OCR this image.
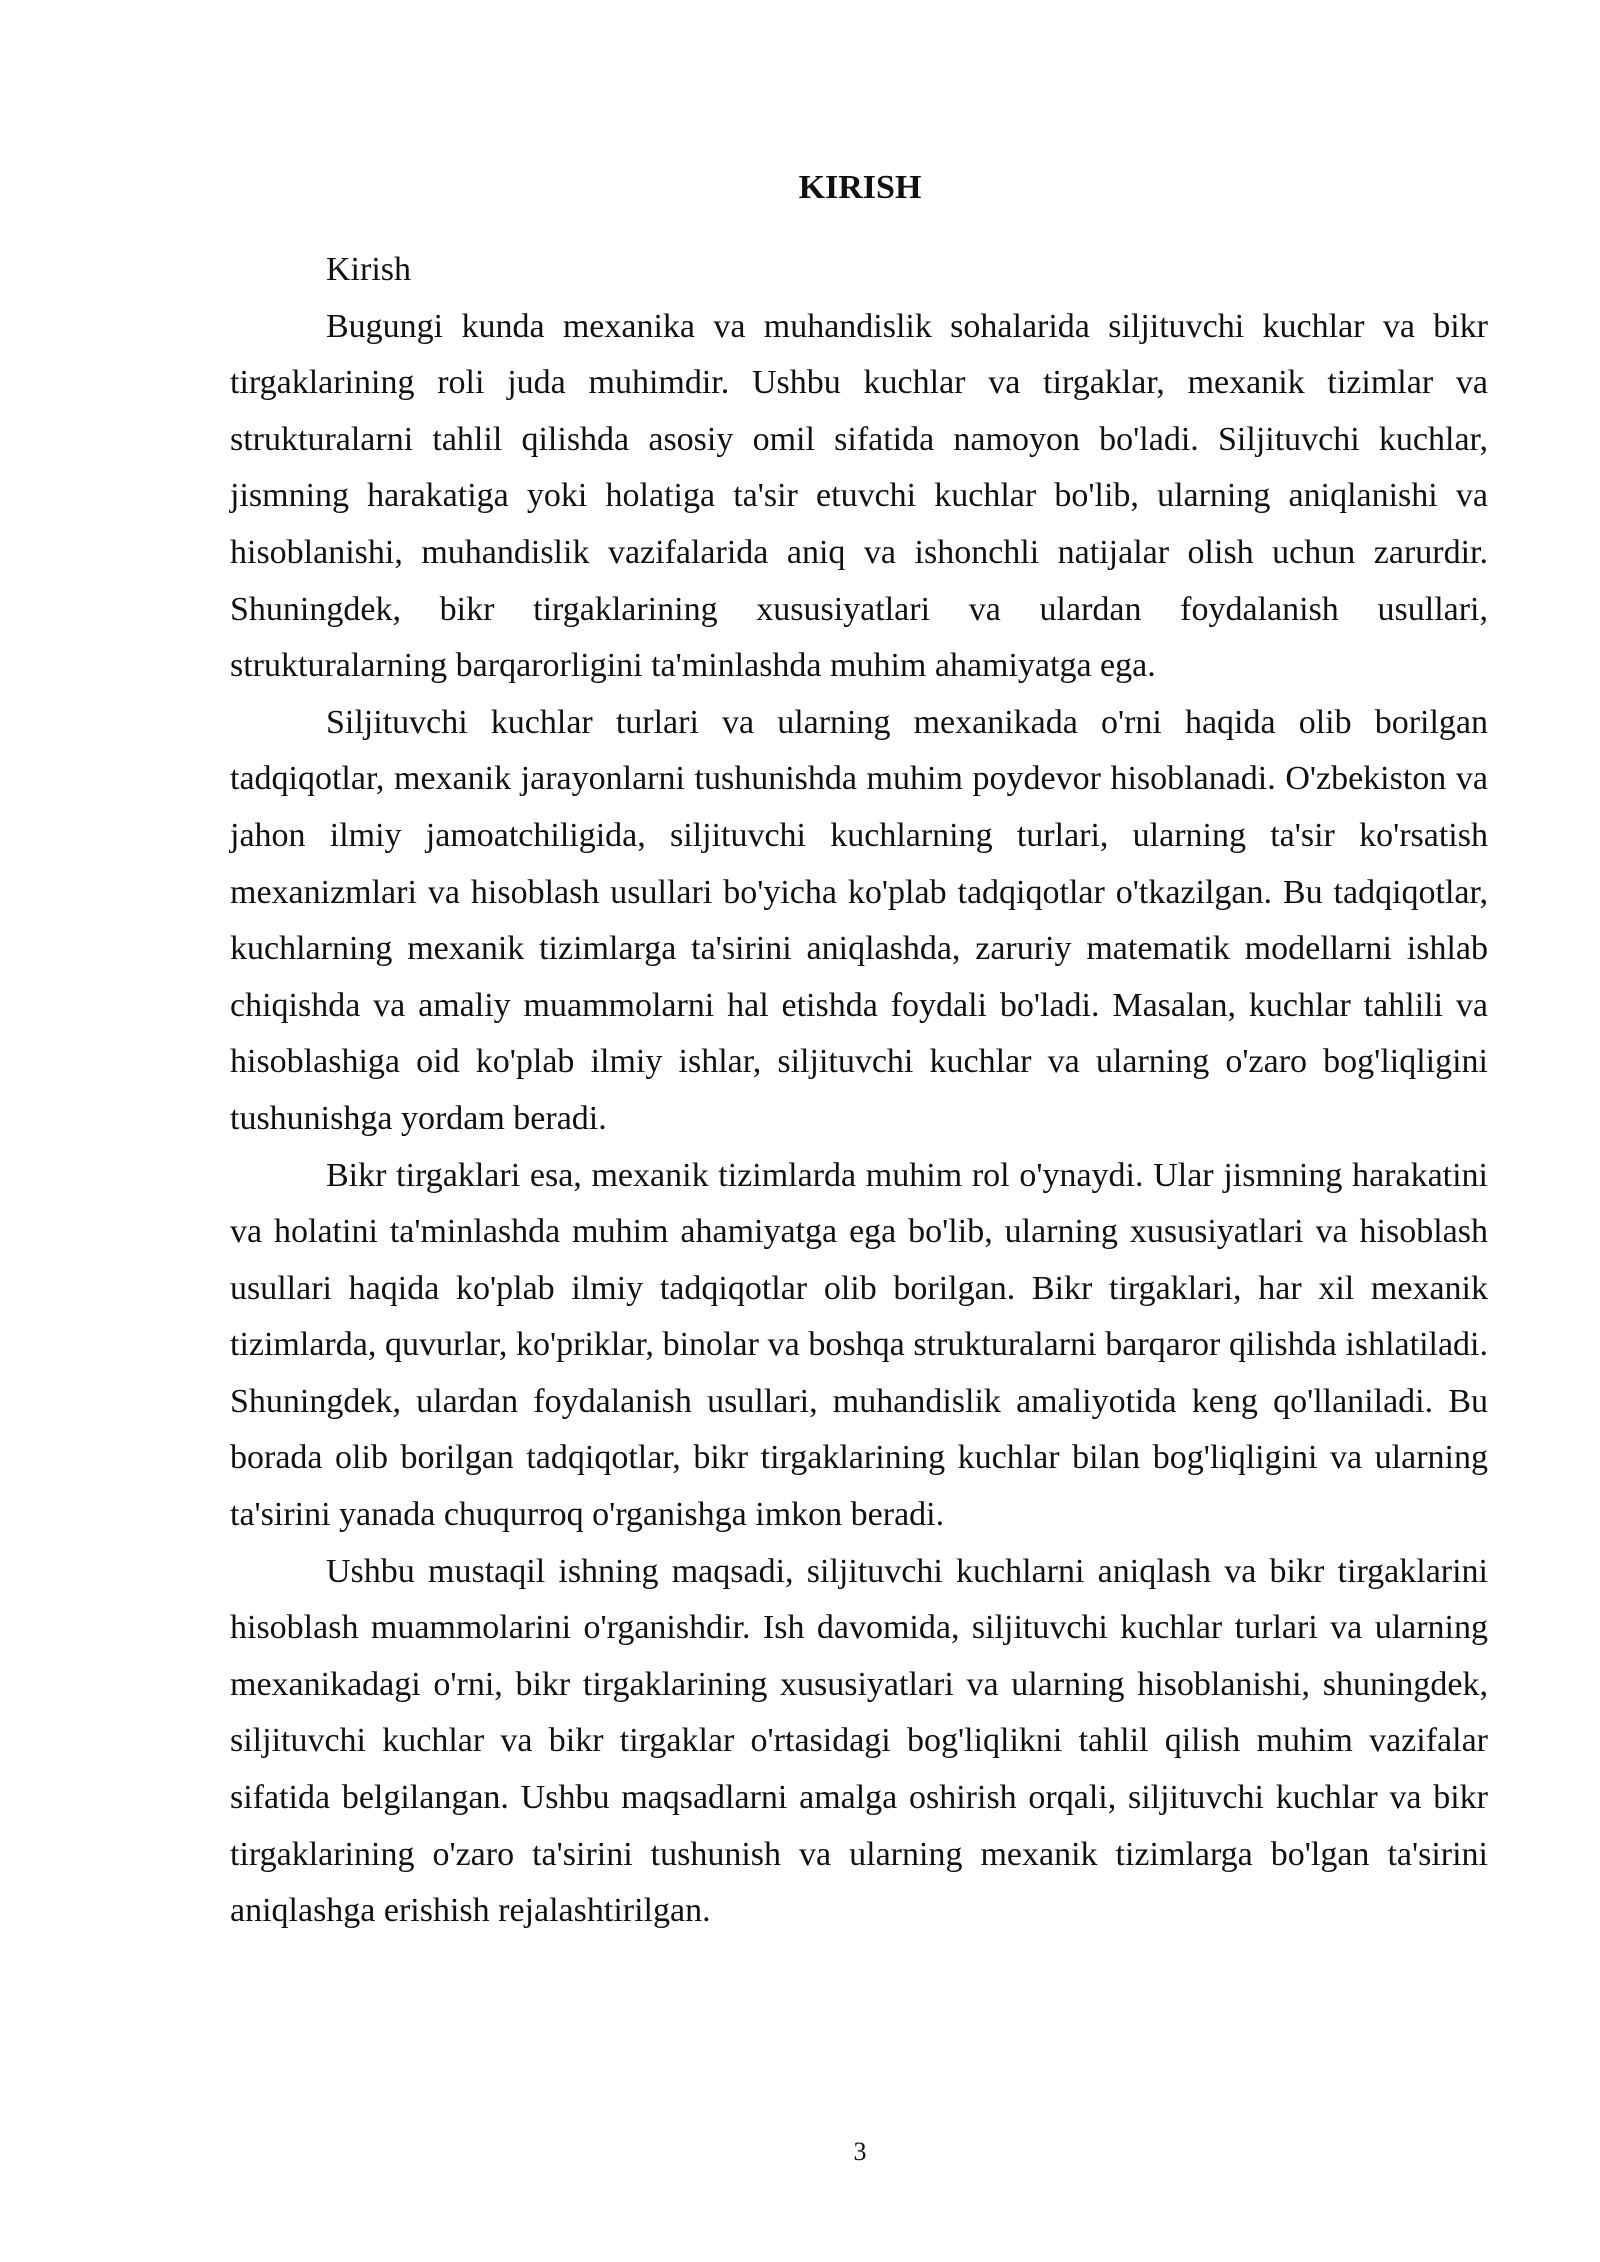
KIRISH

Kirish

Bugungi kunda mexanika va muhandislik sohalarida siljituvchi kuchlar va bikr tirgaklarining roli juda muhimdir. Ushbu kuchlar va tirgaklar, mexanik tizimlar va strukturalarni tahlil qilishda asosiy omil sifatida namoyon bo'ladi. Siljituvchi kuchlar, jismning harakatiga yoki holatiga ta'sir etuvchi kuchlar bo'lib, ularning aniqlanishi va hisoblanishi, muhandislik vazifalarida aniq va ishonchli natijalar olish uchun zarurdir. Shuningdek, bikr tirgaklarining xususiyatlari va ulardan foydalanish usullari, strukturalarning barqarorligini ta'minlashda muhim ahamiyatga ega.

Siljituvchi kuchlar turlari va ularning mexanikada o'rni haqida olib borilgan tadqiqotlar, mexanik jarayonlarni tushunishda muhim poydevor hisoblanadi. O'zbekiston va jahon ilmiy jamoatchiligida, siljituvchi kuchlarning turlari, ularning ta'sir ko'rsatish mexanizmlari va hisoblash usullari bo'yicha ko'plab tadqiqotlar o'tkazilgan. Bu tadqiqotlar, kuchlarning mexanik tizimlarga ta'sirini aniqlashda, zaruriy matematik modellarni ishlab chiqishda va amaliy muammolarni hal etishda foydali bo'ladi. Masalan, kuchlar tahlili va hisoblashiga oid ko'plab ilmiy ishlar, siljituvchi kuchlar va ularning o'zaro bog'liqligini tushunishga yordam beradi.

Bikr tirgaklari esa, mexanik tizimlarda muhim rol o'ynaydi. Ular jismning harakatini va holatini ta'minlashda muhim ahamiyatga ega bo'lib, ularning xususiyatlari va hisoblash usullari haqida ko'plab ilmiy tadqiqotlar olib borilgan. Bikr tirgaklari, har xil mexanik tizimlarda, quvurlar, ko'priklar, binolar va boshqa strukturalarni barqaror qilishda ishlatiladi. Shuningdek, ulardan foydalanish usullari, muhandislik amaliyotida keng qo'llaniladi. Bu borada olib borilgan tadqiqotlar, bikr tirgaklarining kuchlar bilan bog'liqligini va ularning ta'sirini yanada chuqurroq o'rganishga imkon beradi.

Ushbu mustaqil ishning maqsadi, siljituvchi kuchlarni aniqlash va bikr tirgaklarini hisoblash muammolarini o'rganishdir. Ish davomida, siljituvchi kuchlar turlari va ularning mexanikadagi o'rni, bikr tirgaklarining xususiyatlari va ularning hisoblanishi, shuningdek, siljituvchi kuchlar va bikr tirgaklar o'rtasidagi bog'liqlikni tahlil qilish muhim vazifalar sifatida belgilangan. Ushbu maqsadlarni amalga oshirish orqali, siljituvchi kuchlar va bikr tirgaklarining o'zaro ta'sirini tushunish va ularning mexanik tizimlarga bo'lgan ta'sirini aniqlashga erishish rejalashtirilgan.

3
